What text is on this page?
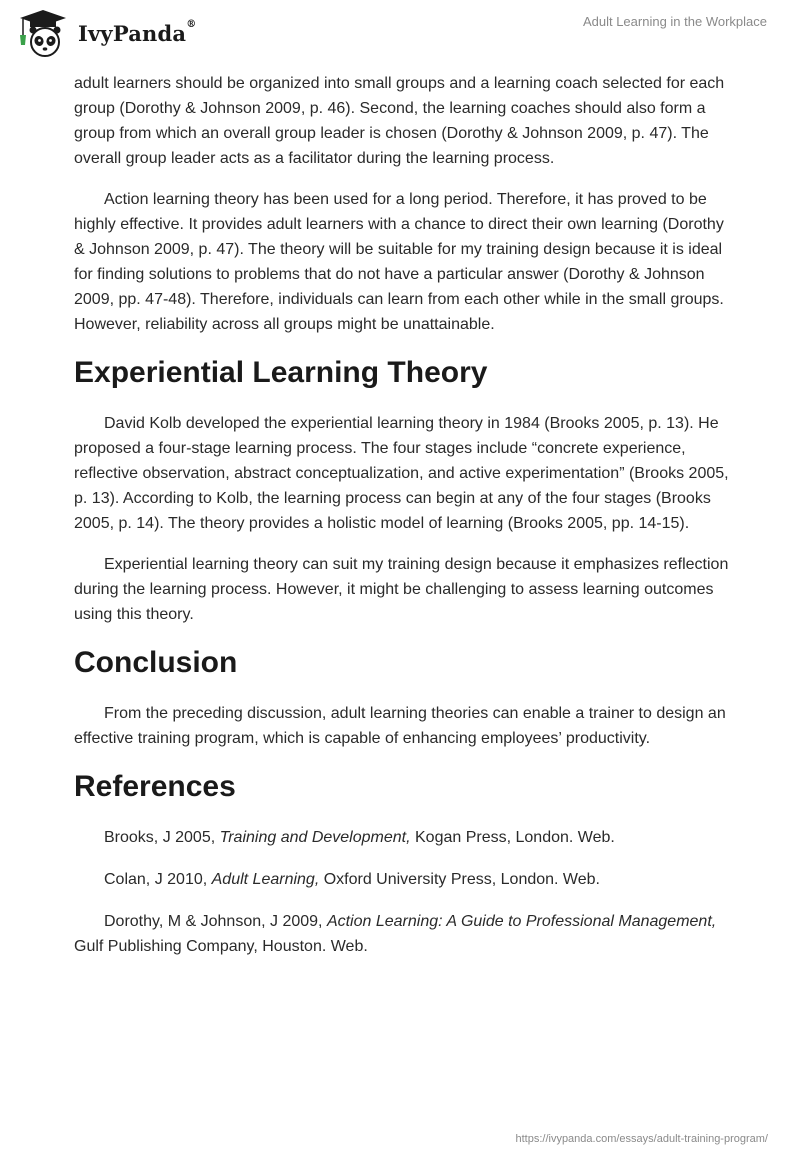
IvyPanda®	Adult Learning in the Workplace

adult learners should be organized into small groups and a learning coach selected for each group (Dorothy & Johnson 2009, p. 46). Second, the learning coaches should also form a group from which an overall group leader is chosen (Dorothy & Johnson 2009, p. 47). The overall group leader acts as a facilitator during the learning process.

Action learning theory has been used for a long period. Therefore, it has proved to be highly effective. It provides adult learners with a chance to direct their own learning (Dorothy & Johnson 2009, p. 47). The theory will be suitable for my training design because it is ideal for finding solutions to problems that do not have a particular answer (Dorothy & Johnson 2009, pp. 47-48). Therefore, individuals can learn from each other while in the small groups. However, reliability across all groups might be unattainable.

Experiential Learning Theory

David Kolb developed the experiential learning theory in 1984 (Brooks 2005, p. 13). He proposed a four-stage learning process. The four stages include “concrete experience, reflective observation, abstract conceptualization, and active experimentation” (Brooks 2005, p. 13). According to Kolb, the learning process can begin at any of the four stages (Brooks 2005, p. 14). The theory provides a holistic model of learning (Brooks 2005, pp. 14-15).

Experiential learning theory can suit my training design because it emphasizes reflection during the learning process. However, it might be challenging to assess learning outcomes using this theory.

Conclusion

From the preceding discussion, adult learning theories can enable a trainer to design an effective training program, which is capable of enhancing employees’ productivity.

References

Brooks, J 2005, Training and Development, Kogan Press, London. Web.

Colan, J 2010, Adult Learning, Oxford University Press, London. Web.

Dorothy, M & Johnson, J 2009, Action Learning: A Guide to Professional Management, Gulf Publishing Company, Houston. Web.

https://ivypanda.com/essays/adult-training-program/
